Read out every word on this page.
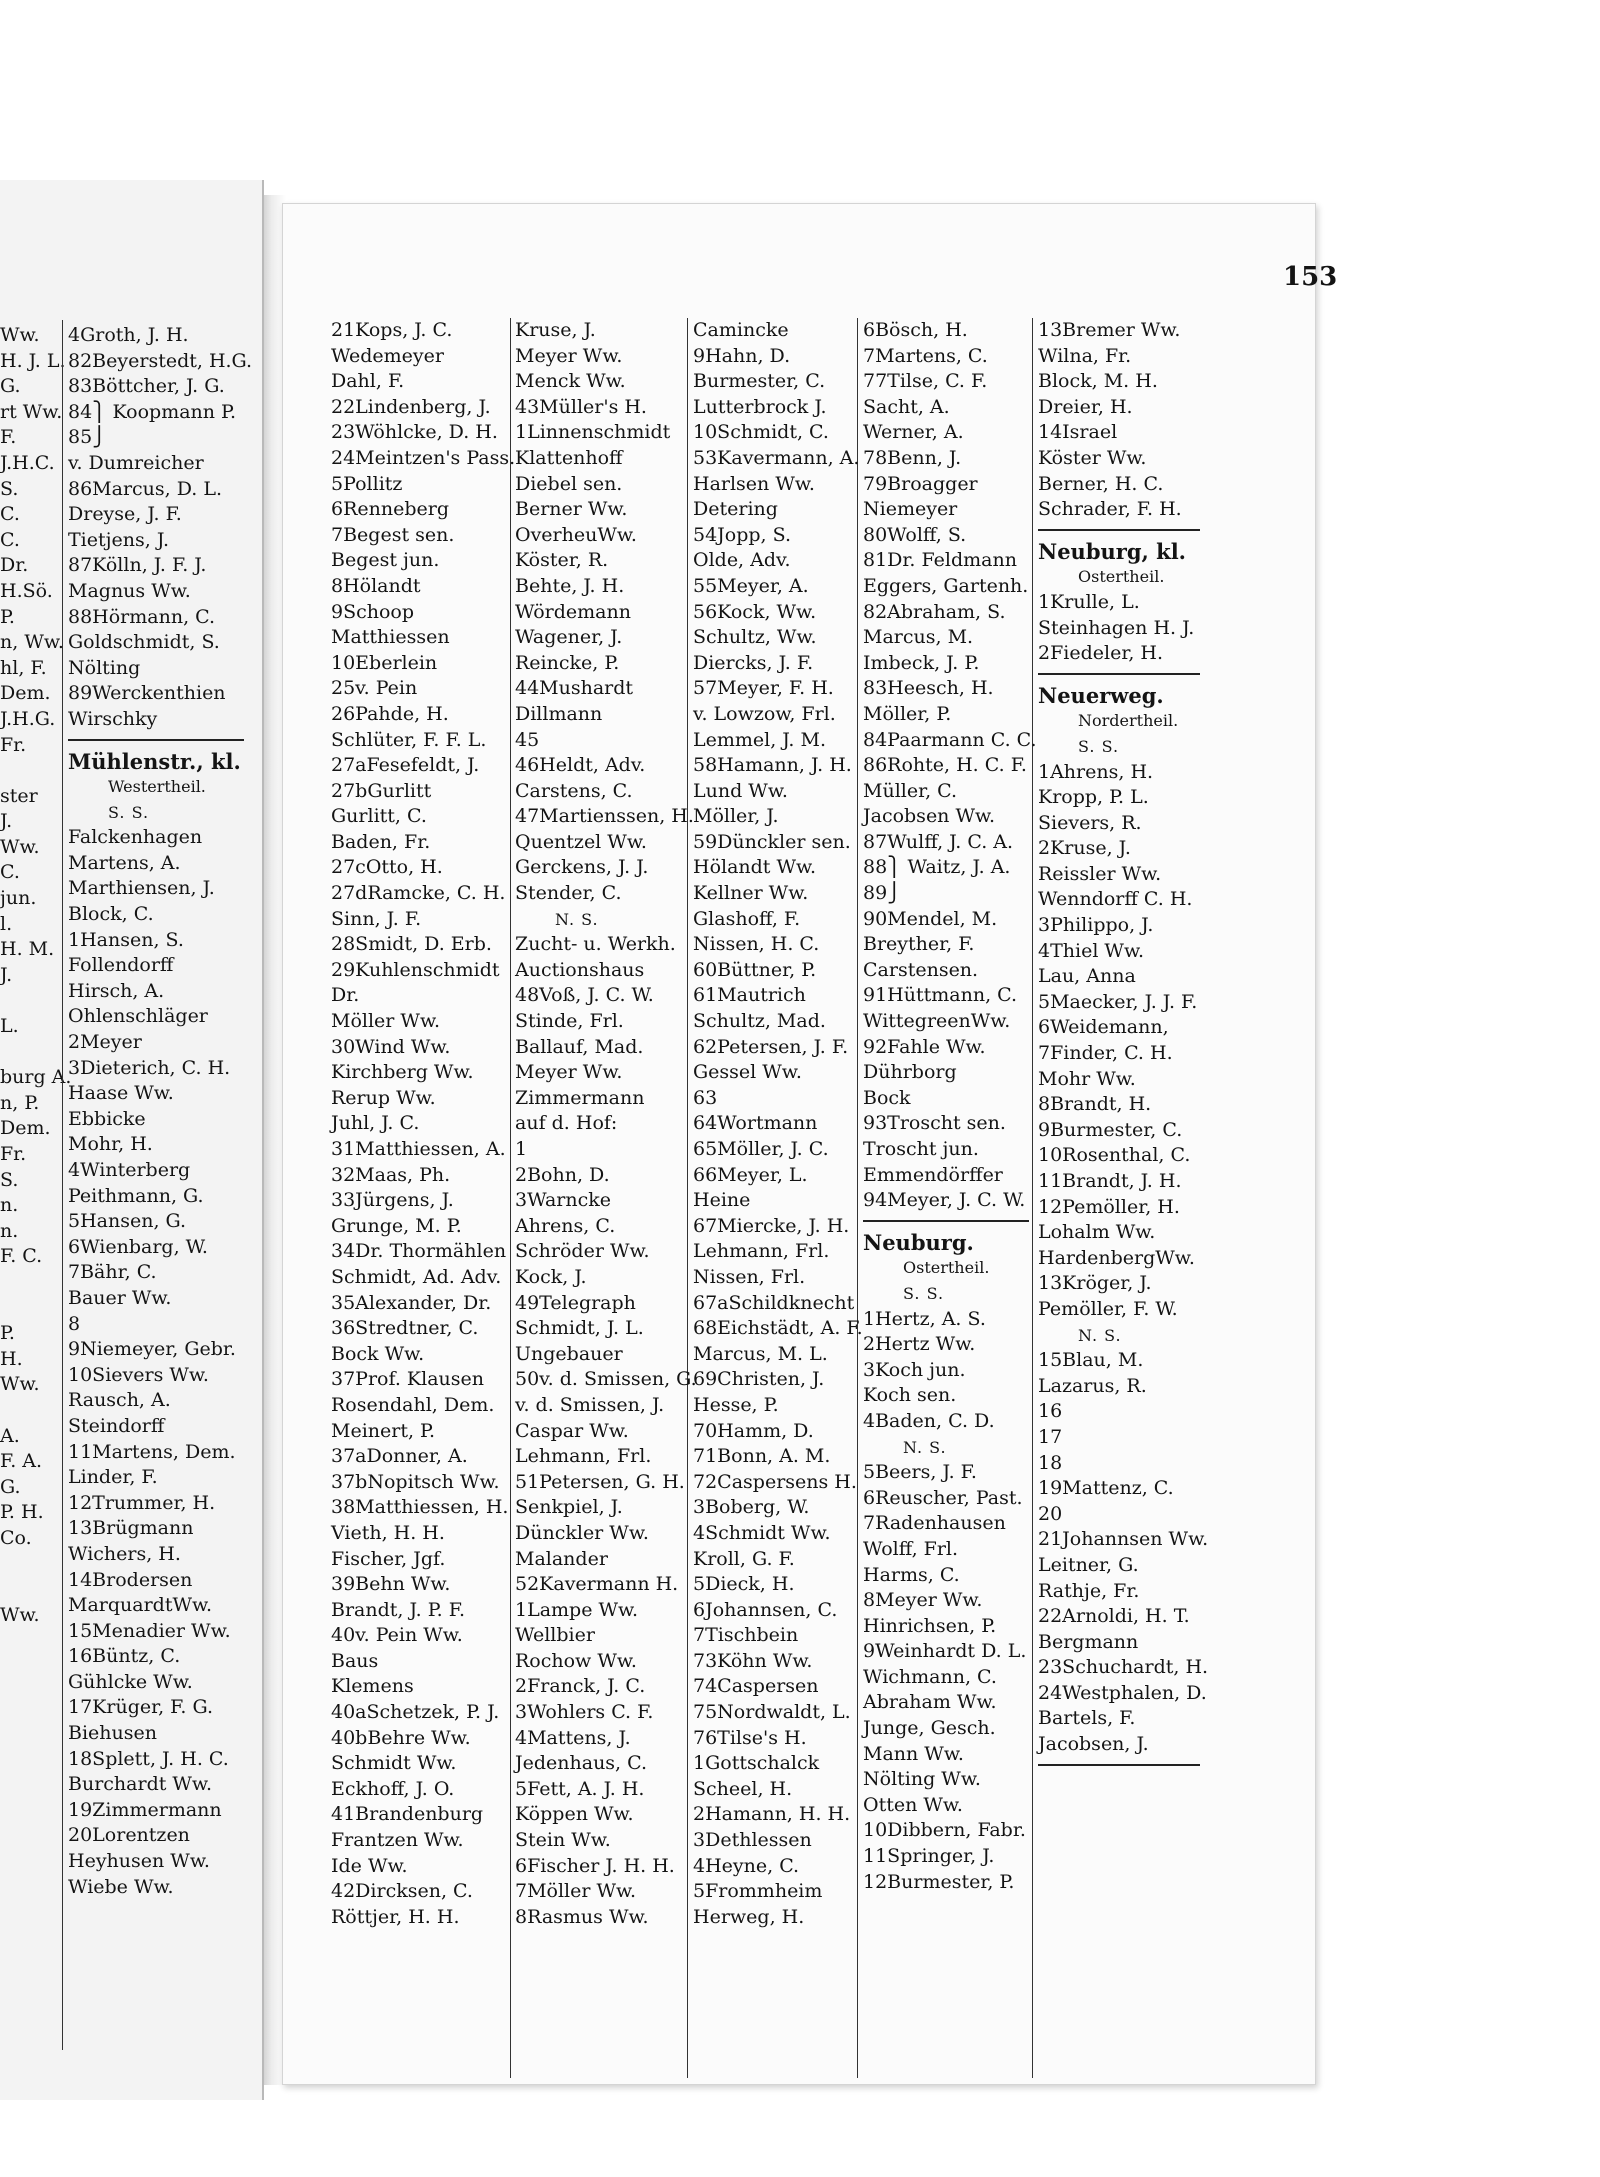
Ww.
H. J. L.
G.
rt Ww.
F.
J.H.C.
S.
C.
C.
Dr.
H.Sö.
P.
n, Ww.
hl, F.
Dem.
J.H.G.
Fr.
ster
J.
Ww.
C.
jun.
l.
H. M.
J.
L.
burg A.
n, P.
Dem.
Fr.
S.
n.
n.
F. C.
P.
H.
Ww.
A.
F. A.
G.
P. H.
Co.
Ww.
4Groth, J. H.
82Beyerstedt, H.G.
83Böttcher, J. G.
84⎫ Koopmann P.
85⎭
v. Dumreicher
86Marcus, D. L.
Dreyse, J. F.
Tietjens, J.
87Kölln, J. F. J.
Magnus Ww.
88Hörmann, C.
Goldschmidt, S.
Nölting
89Werckenthien
Wirschky
Mühlenstr., kl.
Westertheil.
S. S.
Falckenhagen
Martens, A.
Marthiensen, J.
Block, C.
1Hansen, S.
Follendorff
Hirsch, A.
Ohlenschläger
2Meyer
3Dieterich, C. H.
Haase Ww.
Ebbicke
Mohr, H.
4Winterberg
Peithmann, G.
5Hansen, G.
6Wienbarg, W.
7Bähr, C.
Bauer Ww.
8
9Niemeyer, Gebr.
10Sievers Ww.
Rausch, A.
Steindorff
11Martens, Dem.
Linder, F.
12Trummer, H.
13Brügmann
Wichers, H.
14Brodersen
MarquardtWw.
15Menadier Ww.
16Büntz, C.
Gühlcke Ww.
17Krüger, F. G.
Biehusen
18Splett, J. H. C.
Burchardt Ww.
19Zimmermann
20Lorentzen
Heyhusen Ww.
Wiebe Ww.
153
21Kops, J. C.
Wedemeyer
Dahl, F.
22Lindenberg, J.
23Wöhlcke, D. H.
24Meintzen's Pass.
5Pollitz
6Renneberg
7Begest sen.
Begest jun.
8Hölandt
9Schoop
Matthiessen
10Eberlein
25v. Pein
26Pahde, H.
Schlüter, F. F. L.
27aFesefeldt, J.
27bGurlitt
Gurlitt, C.
Baden, Fr.
27cOtto, H.
27dRamcke, C. H.
Sinn, J. F.
28Smidt, D. Erb.
29Kuhlenschmidt
Dr.
Möller Ww.
30Wind Ww.
Kirchberg Ww.
Rerup Ww.
Juhl, J. C.
31Matthiessen, A.
32Maas, Ph.
33Jürgens, J.
Grunge, M. P.
34Dr. Thormählen
Schmidt, Ad. Adv.
35Alexander, Dr.
36Stredtner, C.
Bock Ww.
37Prof. Klausen
Rosendahl, Dem.
Meinert, P.
37aDonner, A.
37bNopitsch Ww.
38Matthiessen, H.
Vieth, H. H.
Fischer, Jgf.
39Behn Ww.
Brandt, J. P. F.
40v. Pein Ww.
Baus
Klemens
40aSchetzek, P. J.
40bBehre Ww.
Schmidt Ww.
Eckhoff, J. O.
41Brandenburg
Frantzen Ww.
Ide Ww.
42Dircksen, C.
Röttjer, H. H.
Kruse, J.
Meyer Ww.
Menck Ww.
43Müller's H.
1Linnenschmidt
Klattenhoff
Diebel sen.
Berner Ww.
OverheuWw.
Köster, R.
Behte, J. H.
Wördemann
Wagener, J.
Reincke, P.
44Mushardt
Dillmann
45
46Heldt, Adv.
Carstens, C.
47Martienssen, H.
Quentzel Ww.
Gerckens, J. J.
Stender, C.
N. S.
Zucht- u. Werkh.
Auctionshaus
48Voß, J. C. W.
Stinde, Frl.
Ballauf, Mad.
Meyer Ww.
Zimmermann
auf d. Hof:
1
2Bohn, D.
3Warncke
Ahrens, C.
Schröder Ww.
Kock, J.
49Telegraph
Schmidt, J. L.
Ungebauer
50v. d. Smissen, G.
v. d. Smissen, J.
Caspar Ww.
Lehmann, Frl.
51Petersen, G. H.
Senkpiel, J.
Dünckler Ww.
Malander
52Kavermann H.
1Lampe Ww.
Wellbier
Rochow Ww.
2Franck, J. C.
3Wohlers C. F.
4Mattens, J.
Jedenhaus, C.
5Fett, A. J. H.
Köppen Ww.
Stein Ww.
6Fischer J. H. H.
7Möller Ww.
8Rasmus Ww.
Caminckе
9Hahn, D.
Burmester, C.
Lutterbrock J.
10Schmidt, C.
53Kavermann, A.
Harlsen Ww.
Detering
54Jopp, S.
Olde, Adv.
55Meyer, A.
56Kock, Ww.
Schultz, Ww.
Diercks, J. F.
57Meyer, F. H.
v. Lowzow, Frl.
Lemmel, J. M.
58Hamann, J. H.
Lund Ww.
Möller, J.
59Dünckler sen.
Hölandt Ww.
Kellner Ww.
Glashoff, F.
Nissen, H. C.
60Büttner, P.
61Mautrich
Schultz, Mad.
62Petersen, J. F.
Gessel Ww.
63
64Wortmann
65Möller, J. C.
66Meyer, L.
Heine
67Miercke, J. H.
Lehmann, Frl.
Nissen, Frl.
67aSchildknecht
68Eichstädt, A. F.
Marcus, M. L.
69Christen, J.
Hesse, P.
70Hamm, D.
71Bonn, A. M.
72Caspersens H.
3Boberg, W.
4Schmidt Ww.
Kroll, G. F.
5Dieck, H.
6Johannsen, C.
7Tischbein
73Köhn Ww.
74Caspersen
75Nordwaldt, L.
76Tilse's H.
1Gottschalck
Scheel, H.
2Hamann, H. H.
3Dethlessen
4Heyne, C.
5Frommheim
Herweg, H.
6Bösch, H.
7Martens, C.
77Tilse, C. F.
Sacht, A.
Werner, A.
78Benn, J.
79Broagger
Niemeyer
80Wolff, S.
81Dr. Feldmann
Eggers, Gartenh.
82Abraham, S.
Marcus, M.
Imbeck, J. P.
83Heesch, H.
Möller, P.
84Paarmann C. C.
86Rohte, H. C. F.
Müller, C.
Jacobsen Ww.
87Wulff, J. C. A.
88⎫ Waitz, J. A.
89⎭
90Mendel, M.
Breyther, F.
Carstensen.
91Hüttmann, C.
WittegreenWw.
92Fahle Ww.
Dührborg
Bock
93Troscht sen.
Troscht jun.
Emmendörffer
94Meyer, J. C. W.
Neuburg.
Ostertheil.
S. S.
1Hertz, A. S.
2Hertz Ww.
3Koch jun.
Koch sen.
4Baden, C. D.
N. S.
5Beers, J. F.
6Reuscher, Past.
7Radenhausen
Wolff, Frl.
Harms, C.
8Meyer Ww.
Hinrichsen, P.
9Weinhardt D. L.
Wichmann, C.
Abraham Ww.
Junge, Gesch.
Mann Ww.
Nölting Ww.
Otten Ww.
10Dibbern, Fabr.
11Springer, J.
12Burmester, P.
13Bremer Ww.
Wilna, Fr.
Block, M. H.
Dreier, H.
14Israel
Köster Ww.
Berner, H. C.
Schrader, F. H.
Neuburg, kl.
Ostertheil.
1Krulle, L.
Steinhagen H. J.
2Fiedeler, H.
Neuerweg.
Nordertheil.
S. S.
1Ahrens, H.
Kropp, P. L.
Sievers, R.
2Kruse, J.
Reissler Ww.
Wenndorff C. H.
3Philippo, J.
4Thiel Ww.
Lau, Anna
5Maecker, J. J. F.
6Weidemann,
7Finder, C. H.
Mohr Ww.
8Brandt, H.
9Burmester, C.
10Rosenthal, C.
11Brandt, J. H.
12Pemöller, H.
Lohalm Ww.
HardenbergWw.
13Kröger, J.
Pemöller, F. W.
N. S.
15Blau, M.
Lazarus, R.
16
17
18
19Mattenz, C.
20
21Johannsen Ww.
Leitner, G.
Rathje, Fr.
22Arnoldi, H. T.
Bergmann
23Schuchardt, H.
24Westphalen, D.
Bartels, F.
Jacobsen, J.
